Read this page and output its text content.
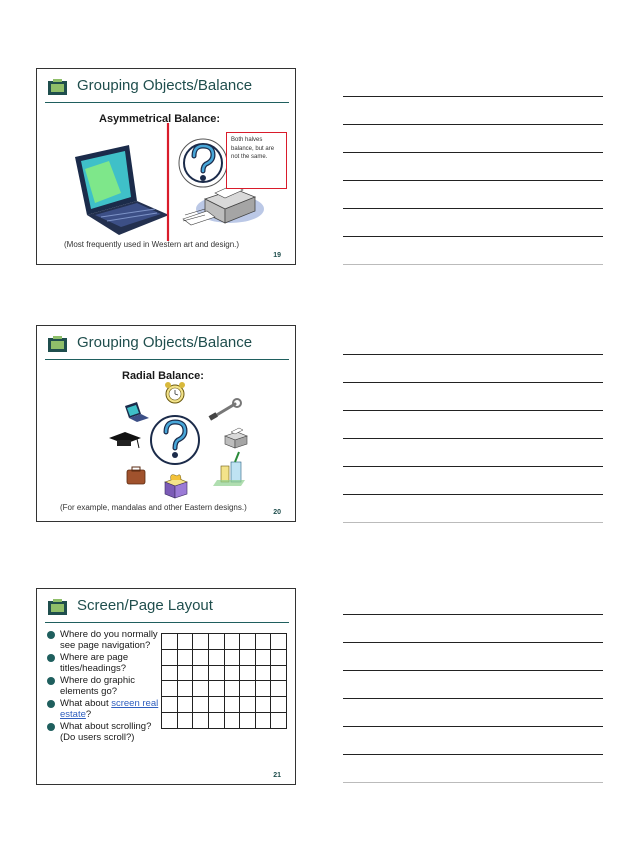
Grouping Objects/Balance
Asymmetrical Balance:
Both halves balance, but are not the same.
(Most frequently used in Western art and design.)
19
Grouping Objects/Balance
Radial Balance:
(For example, mandalas and other Eastern designs.)
20
Screen/Page Layout
Where do you normally see page navigation?
Where are page titles/headings?
Where do graphic elements go?
What about screen real estate?
What about scrolling? (Do users scroll?)
21
